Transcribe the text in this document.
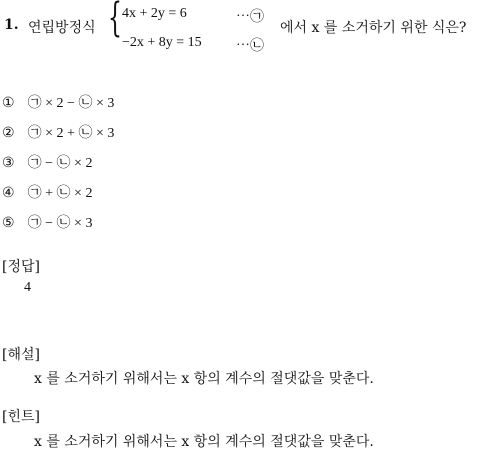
1. 연립방정식 { 4x + 2y = 6	⋯㉠
−2x + 8y = 15 ⋯㉡
에서 x 를 소거하기 위한 식은?
① ㉠ × 2 − ㉡ × 3
② ㉠ × 2 + ㉡ × 3
③ ㉠ − ㉡ × 2
④ ㉠ + ㉡ × 2
⑤ ㉠ − ㉡ × 3
[정답]
4
[해설]
x 를 소거하기 위해서는 x 항의 계수의 절댓값을 맞춘다.
[힌트]
x 를 소거하기 위해서는 x 항의 계수의 절댓값을 맞춘다.
